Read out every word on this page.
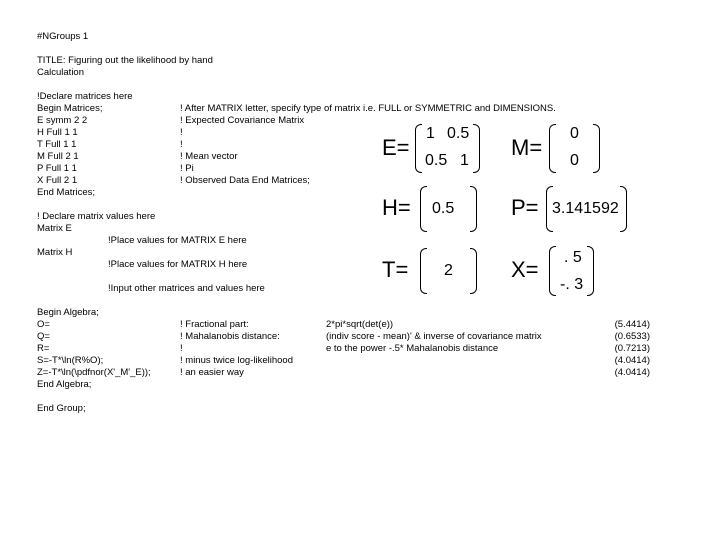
#NGroups 1
TITLE: Figuring out the likelihood by hand
Calculation
!Declare matrices here
Begin Matrices;
E symm 2 2
H Full 1 1
T Full 1 1
M Full 2 1
P Full 1 1
X Full 2 1
End Matrices;
! After MATRIX letter, specify type of matrix i.e. FULL or SYMMETRIC and DIMENSIONS.
! Expected Covariance Matrix
!
!
! Mean vector
! Pi
! Observed Data End Matrices;
! Declare matrix values here
Matrix E
!Place values for MATRIX E here
Matrix H
!Place values for MATRIX H here
!Input other matrices and values here
E=
1 0.5
0.5 1
M=
0
0
H= 0.5	P= 3.141592
T= 2	X= . 5
-. 3
Begin Algebra;
O=
Q=
R=
S=-T*\ln(R%O);
Z=-T*\ln(\pdfnor(X'_M'_E));
End Algebra;
! Fractional part:
! Mahalanobis distance:
!
! minus twice log-likelihood
! an easier way
2*pi*sqrt(det(e))
(indiv score - mean)' & inverse of covariance matrix
e to the power -.5* Mahalanobis distance
(5.4414)
(0.6533)
(0.7213)
(4.0414)
(4.0414)
End Group;
